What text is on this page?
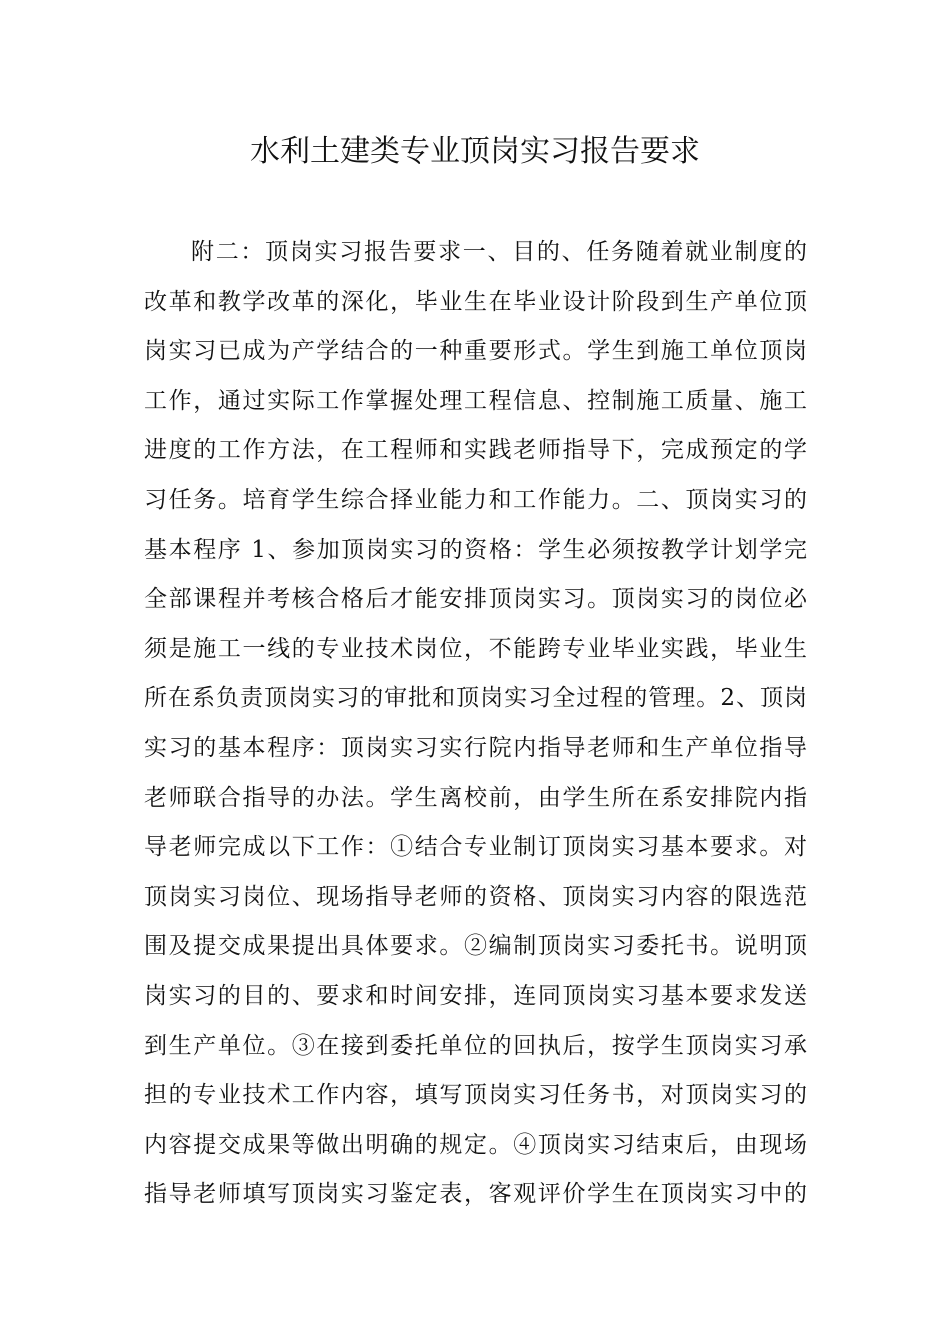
水利土建类专业顶岗实习报告要求
附二：顶岗实习报告要求一、目的、任务随着就业制度的
改革和教学改革的深化，毕业生在毕业设计阶段到生产单位顶
岗实习已成为产学结合的一种重要形式。学生到施工单位顶岗
工作，通过实际工作掌握处理工程信息、控制施工质量、施工
进度的工作方法，在工程师和实践老师指导下，完成预定的学
习任务。培育学生综合择业能力和工作能力。二、顶岗实习的
基本程序 1、参加顶岗实习的资格：学生必须按教学计划学完
全部课程并考核合格后才能安排顶岗实习。顶岗实习的岗位必
须是施工一线的专业技术岗位，不能跨专业毕业实践，毕业生
所在系负责顶岗实习的审批和顶岗实习全过程的管理。2、顶岗
实习的基本程序：顶岗实习实行院内指导老师和生产单位指导
老师联合指导的办法。学生离校前，由学生所在系安排院内指
导老师完成以下工作：①结合专业制订顶岗实习基本要求。对
顶岗实习岗位、现场指导老师的资格、顶岗实习内容的限选范
围及提交成果提出具体要求。②编制顶岗实习委托书。说明顶
岗实习的目的、要求和时间安排，连同顶岗实习基本要求发送
到生产单位。③在接到委托单位的回执后，按学生顶岗实习承
担的专业技术工作内容，填写顶岗实习任务书，对顶岗实习的
内容提交成果等做出明确的规定。④顶岗实习结束后，由现场
指导老师填写顶岗实习鉴定表，客观评价学生在顶岗实习中的
